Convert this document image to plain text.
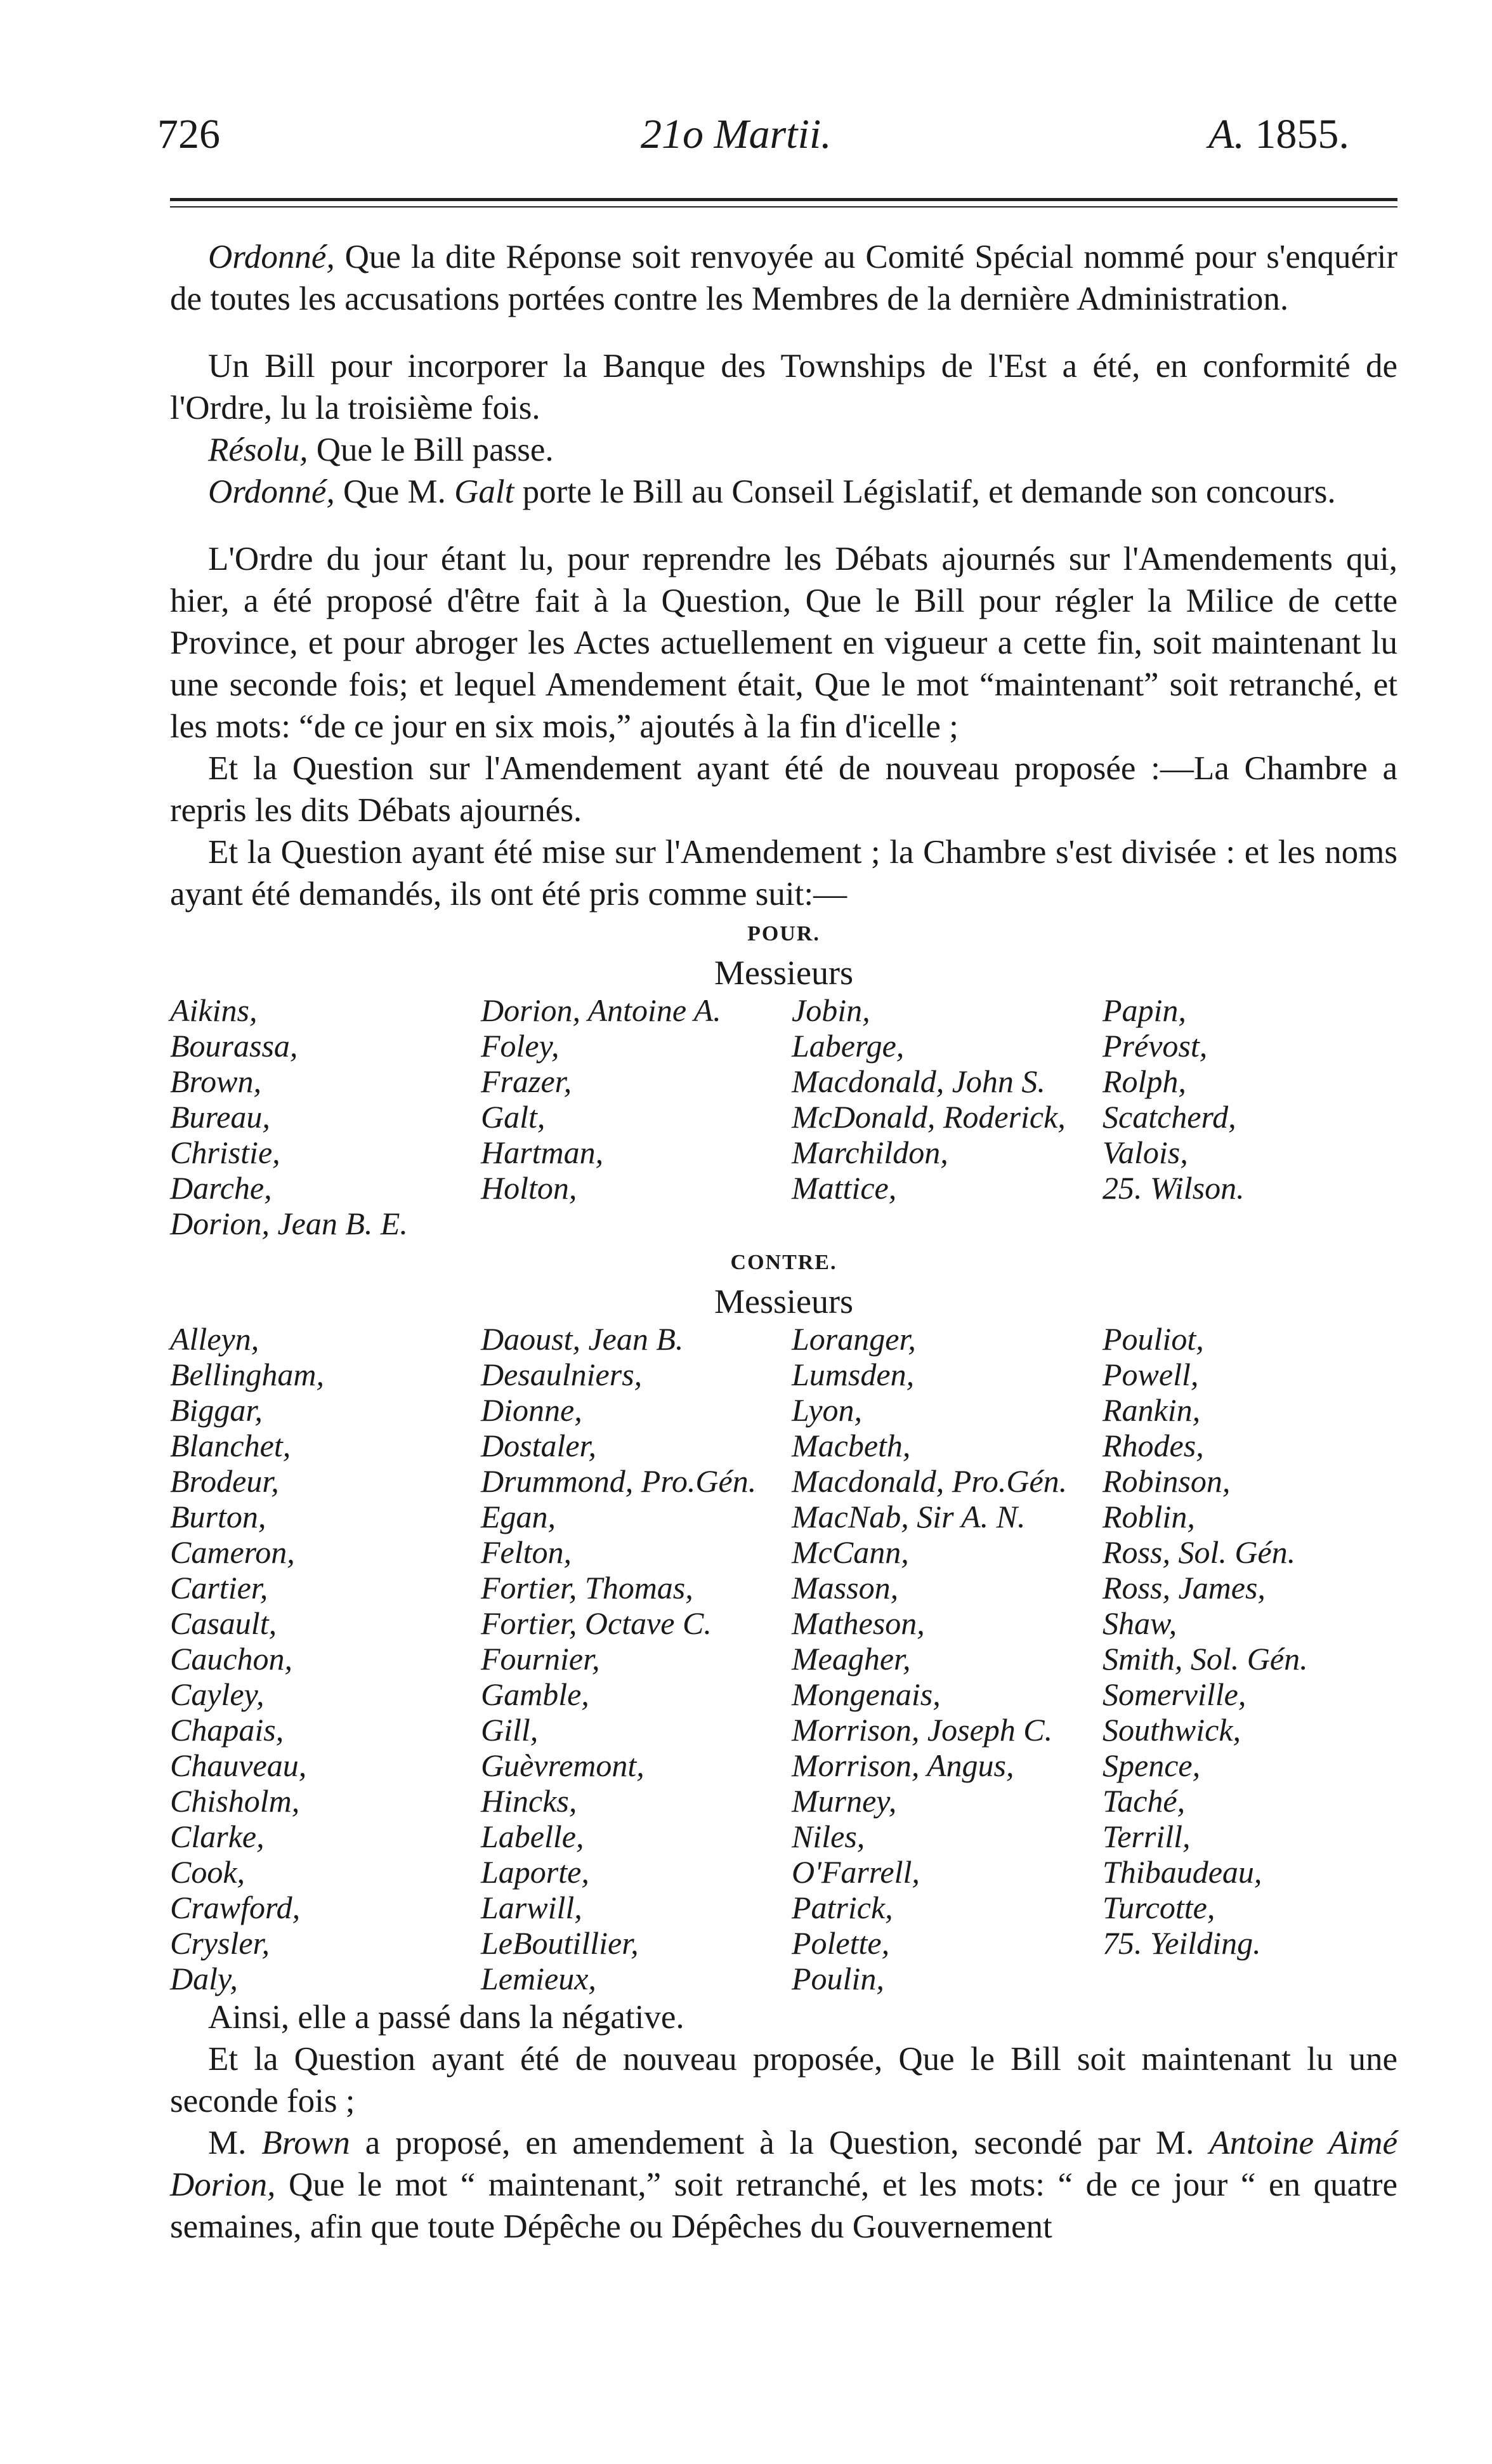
726	21o Martii.	A. 1855.

Ordonné, Que la dite Réponse soit renvoyée au Comité Spécial nommé pour s'enquérir de toutes les accusations portées contre les Membres de la dernière Administration.

Un Bill pour incorporer la Banque des Townships de l'Est a été, en conformité de l'Ordre, lu la troisième fois.

Résolu, Que le Bill passe.

Ordonné, Que M. Galt porte le Bill au Conseil Législatif, et demande son concours.

L'Ordre du jour étant lu, pour reprendre les Débats ajournés sur l'Amendements qui, hier, a été proposé d'être fait à la Question, Que le Bill pour régler la Milice de cette Province, et pour abroger les Actes actuellement en vigueur a cette fin, soit maintenant lu une seconde fois; et lequel Amendement était, Que le mot “maintenant” soit retranché, et les mots: “de ce jour en six mois,” ajoutés à la fin d'icelle ;

Et la Question sur l'Amendement ayant été de nouveau proposée :—La Chambre a repris les dits Débats ajournés.

Et la Question ayant été mise sur l'Amendement ; la Chambre s'est divisée : et les noms ayant été demandés, ils ont été pris comme suit:—

POUR.
Messieurs
Aikins,	Dorion, Antoine A.	Jobin,	Papin,
Bourassa,	Foley,	Laberge,	Prévost,
Brown,	Frazer,	Macdonald, John S.	Rolph,
Bureau,	Galt,	McDonald, Roderick,	Scatcherd,
Christie,	Hartman,	Marchildon,	Valois,
Darche,	Holton,	Mattice,	25. Wilson.
Dorion, Jean B. E.
CONTRE.
Messieurs
Alleyn,	Daoust, Jean B.	Loranger,	Pouliot,
Bellingham,	Desaulniers,	Lumsden,	Powell,
Biggar,	Dionne,	Lyon,	Rankin,
Blanchet,	Dostaler,	Macbeth,	Rhodes,
Brodeur,	Drummond, Pro.Gén.	Macdonald, Pro.Gén.	Robinson,
Burton,	Egan,	MacNab, Sir A. N.	Roblin,
Cameron,	Felton,	McCann,	Ross, Sol. Gén.
Cartier,	Fortier, Thomas,	Masson,	Ross, James,
Casault,	Fortier, Octave C.	Matheson,	Shaw,
Cauchon,	Fournier,	Meagher,	Smith, Sol. Gén.
Cayley,	Gamble,	Mongenais,	Somerville,
Chapais,	Gill,	Morrison, Joseph C.	Southwick,
Chauveau,	Guèvremont,	Morrison, Angus,	Spence,
Chisholm,	Hincks,	Murney,	Taché,
Clarke,	Labelle,	Niles,	Terrill,
Cook,	Laporte,	O'Farrell,	Thibaudeau,
Crawford,	Larwill,	Patrick,	Turcotte,
Crysler,	LeBoutillier,	Polette,	75. Yeilding.
Daly,	Lemieux,	Poulin,

Ainsi, elle a passé dans la négative.

Et la Question ayant été de nouveau proposée, Que le Bill soit maintenant lu une seconde fois ;

M. Brown a proposé, en amendement à la Question, secondé par M. Antoine Aimé Dorion, Que le mot “ maintenant,” soit retranché, et les mots: “ de ce jour “ en quatre semaines, afin que toute Dépêche ou Dépêches du Gouvernement
